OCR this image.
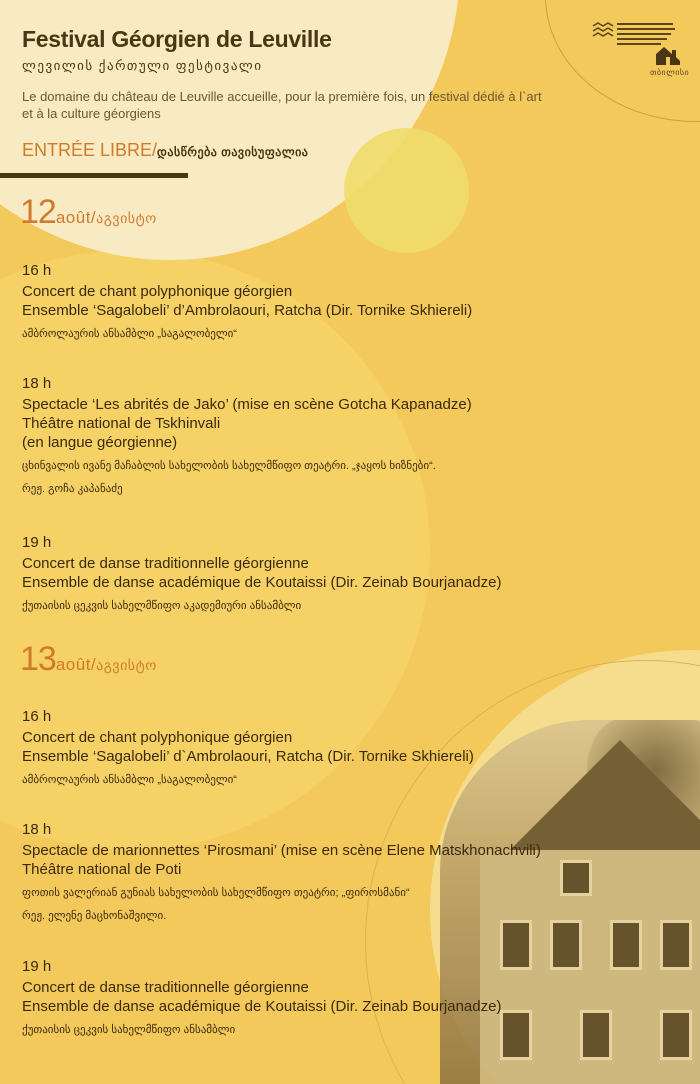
Festival Géorgien de Leuville
ლევილის ქართული ფესტივალი
Le domaine du château de Leuville accueille, pour la première fois, un festival dédié à l`art
et à la culture géorgiens
ENTRÉE LIBRE/დასწრება თავისუფალია
თბილისი
12août/აგვისტო
16 h
Concert de chant polyphonique géorgien
Ensemble ‘Sagalobeli’ d’Ambrolaouri, Ratcha (Dir. Tornike Skhiereli)
ამბროლაურის ანსამბლი „საგალობელი“
18 h
Spectacle ‘Les abrités de Jako’ (mise en scène Gotcha Kapanadze)
Théâtre national de Tskhinvali
(en langue géorgienne)
ცხინვალის ივანე მაჩაბლის სახელობის სახელმწიფო თეატრი. „ჯაყოს ხიზნები“.
რეჟ. გოჩა კაპანაძე
19 h
Concert de danse traditionnelle géorgienne
Ensemble de danse académique de Koutaissi (Dir. Zeinab Bourjanadze)
ქუთაისის ცეკვის სახელმწიფო აკადემიური ანსამბლი
13août/აგვისტო
16 h
Concert de chant polyphonique géorgien
Ensemble ‘Sagalobeli’ d`Ambrolaouri, Ratcha (Dir. Tornike Skhiereli)
ამბროლაურის ანსამბლი „საგალობელი“
18 h
Spectacle de marionnettes ‘Pirosmani’ (mise en scène Elene Matskhonachvili)
Théâtre national de Poti
ფოთის ვალერიან გუნიას სახელობის სახელმწიფო თეატრი; „ფიროსმანი“
რეჟ. ელენე მაცხონაშვილი.
19 h
Concert de danse traditionnelle géorgienne
Ensemble de danse académique de Koutaissi (Dir. Zeinab Bourjanadze)
ქუთაისის ცეკვის სახელმწიფო ანსამბლი
